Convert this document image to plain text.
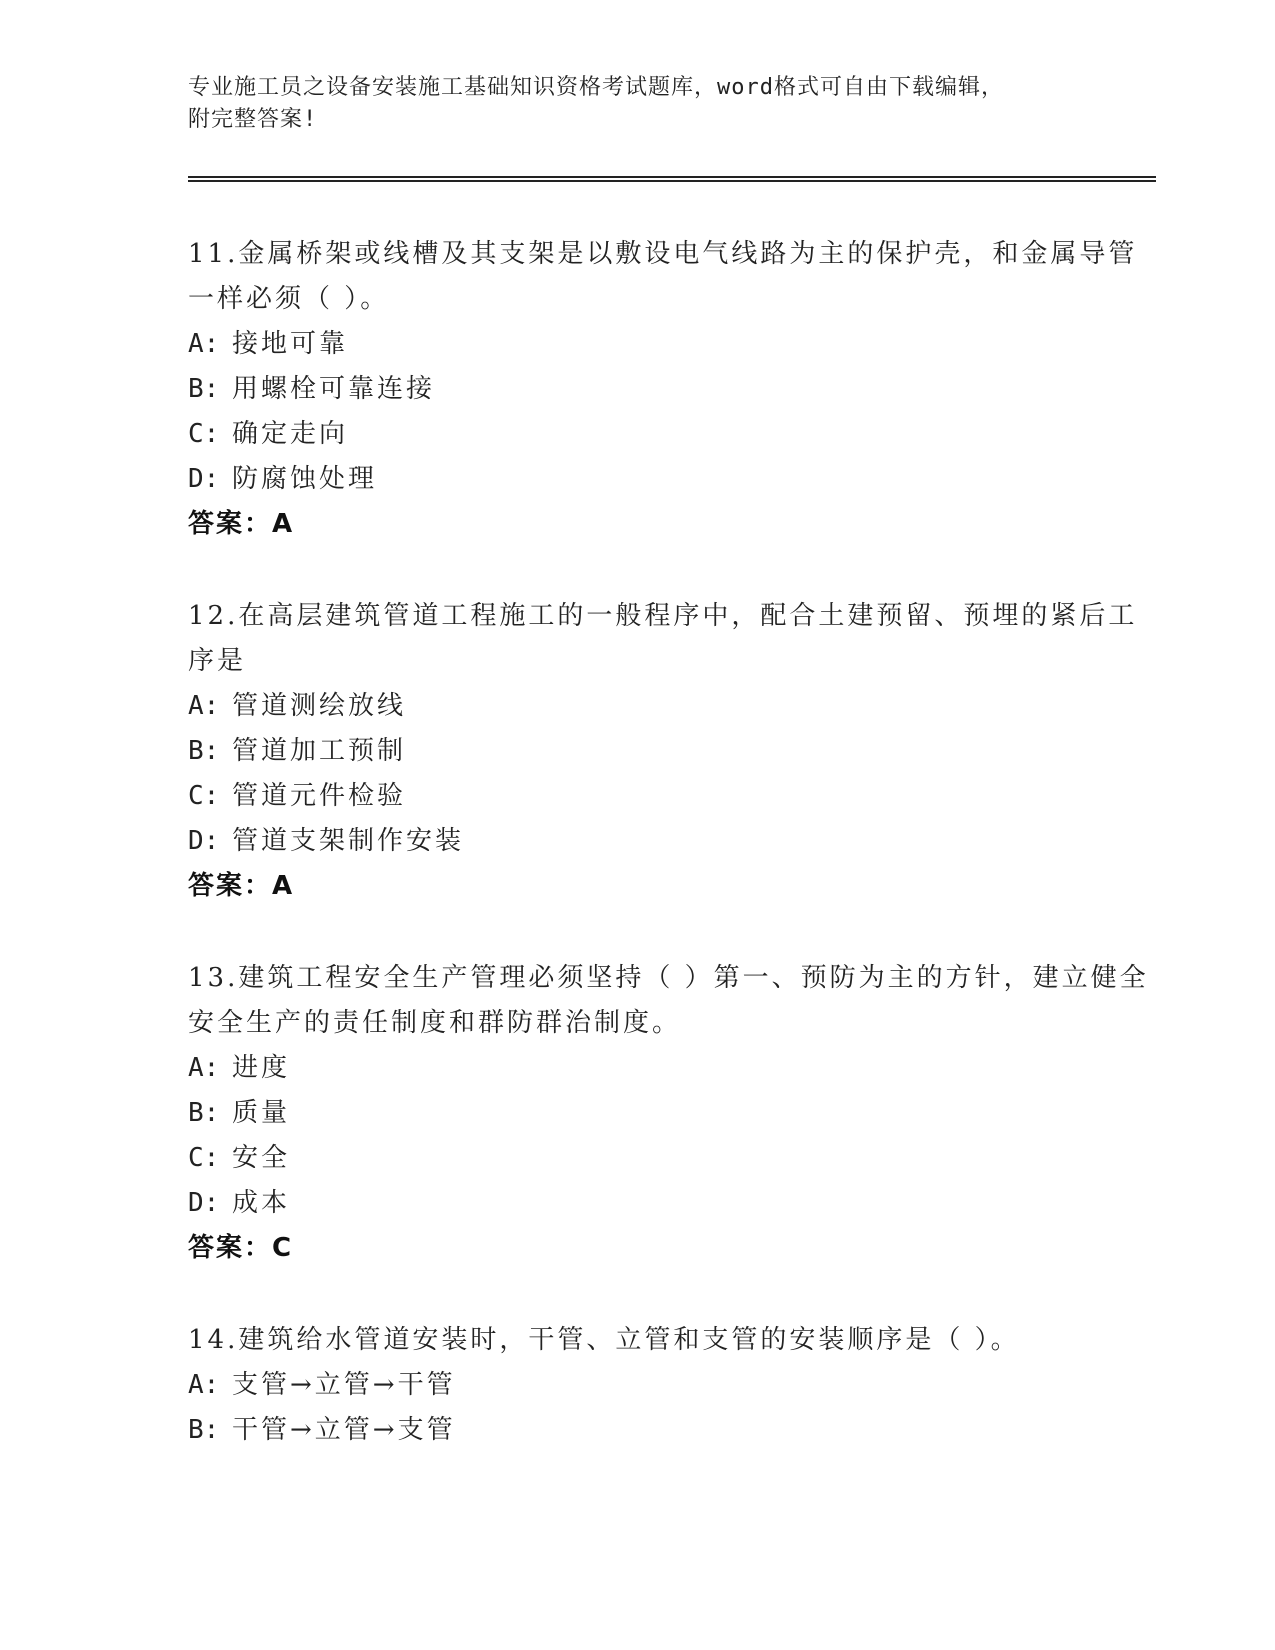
专业施工员之设备安装施工基础知识资格考试题库，word格式可自由下载编辑，
附完整答案!

11.金属桥架或线槽及其支架是以敷设电气线路为主的保护壳，和金属导管一样必须（ ）。

A: 接地可靠
B: 用螺栓可靠连接
C: 确定走向
D: 防腐蚀处理
答案：A

12.在高层建筑管道工程施工的一般程序中，配合土建预留、预埋的紧后工序是

A: 管道测绘放线
B: 管道加工预制
C: 管道元件检验
D: 管道支架制作安装
答案：A

13.建筑工程安全生产管理必须坚持（ ）第一、预防为主的方针，建立健全安全生产的责任制度和群防群治制度。

A: 进度
B: 质量
C: 安全
D: 成本
答案：C

14.建筑给水管道安装时，干管、立管和支管的安装顺序是（ ）。

A: 支管→立管→干管
B: 干管→立管→支管
